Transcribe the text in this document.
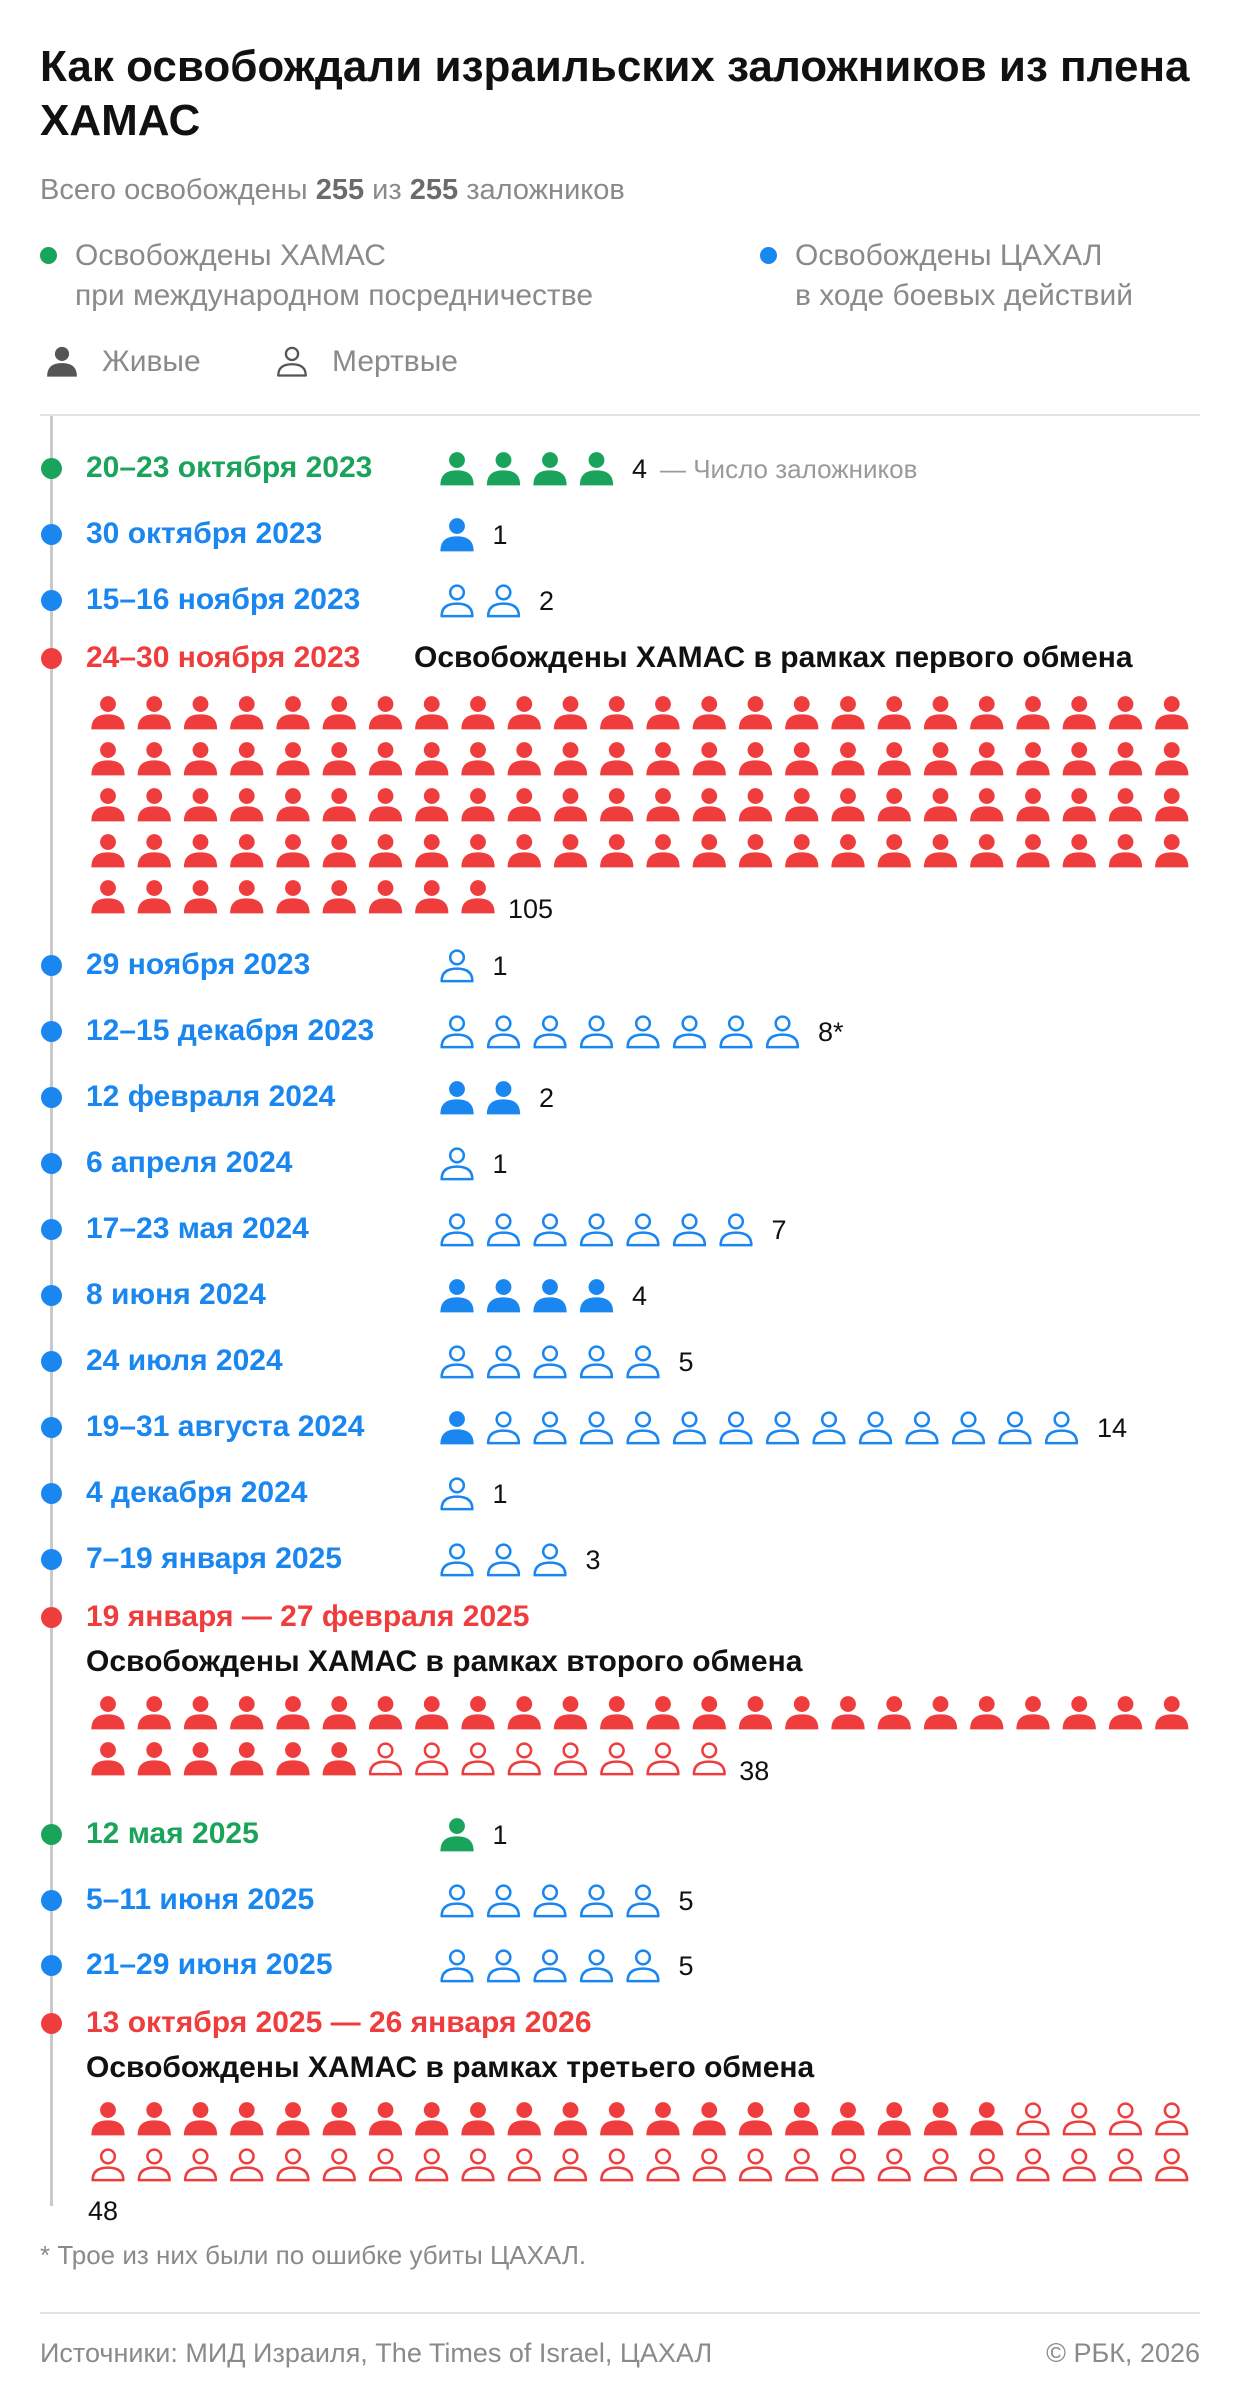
Как освобождали израильских заложников из плена ХАМАС
Всего освобождены 255 из 255 заложников
Освобождены ХАМАС
при международном посредничестве
Освобождены ЦАХАЛ
в ходе боевых действий
Живые	Мертвые
20–23 октября 2023	4 — Число заложников
30 октября 2023	1
15–16 ноября 2023	2
24–30 ноября 2023 Освобождены ХАМАС в рамках первого обмена
105
29 ноября 2023	1
12–15 декабря 2023	8*
12 февраля 2024	2
6 апреля 2024	1
17–23 мая 2024	7
8 июня 2024	4
24 июля 2024	5
19–31 августа 2024	14
4 декабря 2024	1
7–19 января 2025	3
19 января — 27 февраля 2025
Освобождены ХАМАС в рамках второго обмена
38
12 мая 2025	1
5–11 июня 2025	5
21–29 июня 2025	5
13 октября 2025 — 26 января 2026
Освобождены ХАМАС в рамках третьего обмена
48
* Трое из них были по ошибке убиты ЦАХАЛ.
Источники: МИД Израиля, The Times of Israel, ЦАХАЛ	© РБК, 2026
